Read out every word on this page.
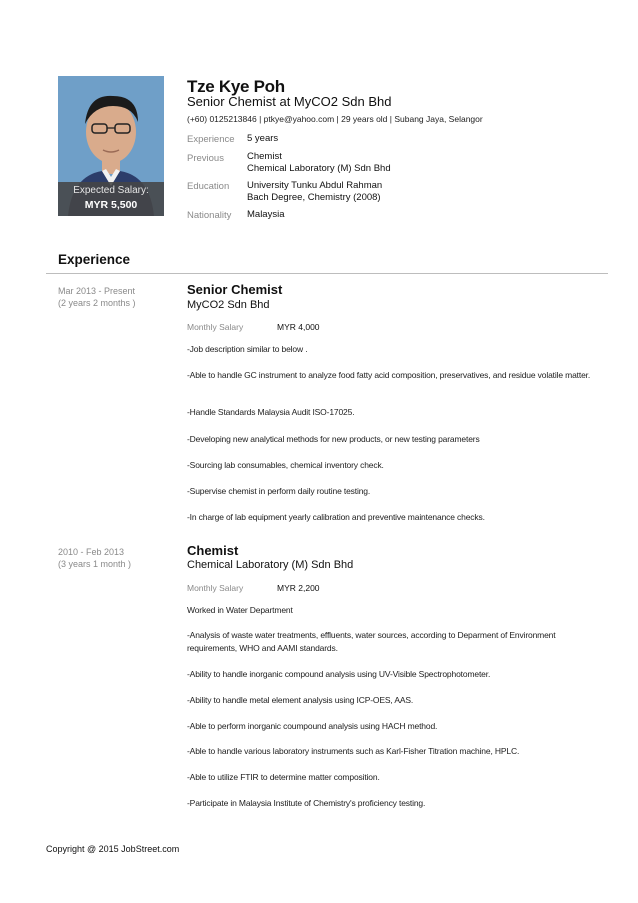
Expected Salary:
MYR 5,500
Tze Kye Poh
Senior Chemist at MyCO2 Sdn Bhd
(+60) 0125213846 | ptkye@yahoo.com | 29 years old | Subang Jaya, Selangor
Experience 5 years
Previous Chemist
Chemical Laboratory (M) Sdn Bhd
Education University Tunku Abdul Rahman
Bach Degree, Chemistry (2008)
Nationality Malaysia
Experience
Mar 2013 - Present
(2 years 2 months )
Senior Chemist
MyCO2 Sdn Bhd
Monthly Salary	MYR 4,000
-Job description similar to below .
-Able to handle GC instrument to analyze food fatty acid composition, preservatives, and residue volatile matter.
-Handle Standards Malaysia Audit ISO-17025.
-Developing new analytical methods for new products, or new testing parameters
-Sourcing lab consumables, chemical inventory check.
-Supervise chemist in perform daily routine testing.
-In charge of lab equipment yearly calibration and preventive maintenance checks.
2010 - Feb 2013
(3 years 1 month )
Chemist
Chemical Laboratory (M) Sdn Bhd
Monthly Salary	MYR 2,200
Worked in Water Department
-Analysis of waste water treatments, effluents, water sources, according to Deparment of Environment requirements, WHO and AAMI standards.
-Ability to handle inorganic compound analysis using UV-Visible Spectrophotometer.
-Ability to handle metal element analysis using ICP-OES, AAS.
-Able to perform inorganic coumpound analysis using HACH method.
-Able to handle various laboratory instruments such as Karl-Fisher Titration machine, HPLC.
-Able to utilize FTIR to determine matter composition.
-Participate in Malaysia Institute of Chemistry's proficiency testing.
Copyright @ 2015 JobStreet.com
